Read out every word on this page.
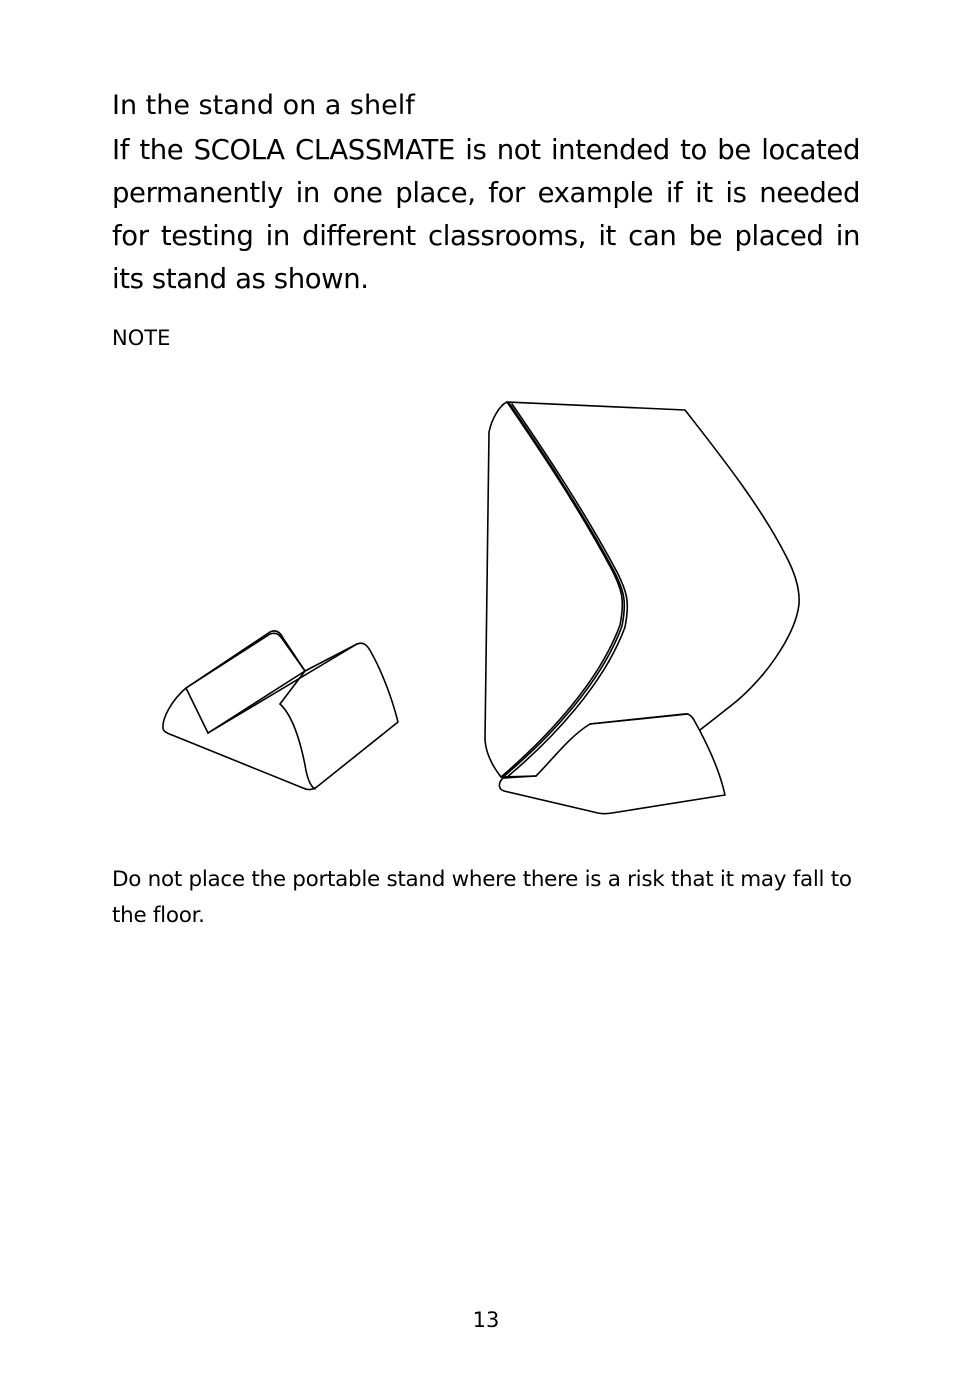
In the stand on a shelf

If the SCOLA CLASSMATE is not intended to be located permanently in one place, for example if it is needed for testing in different classrooms, it can be placed in its stand as shown.

NOTE

Do not place the portable stand where there is a risk that it may fall to the floor.

13
